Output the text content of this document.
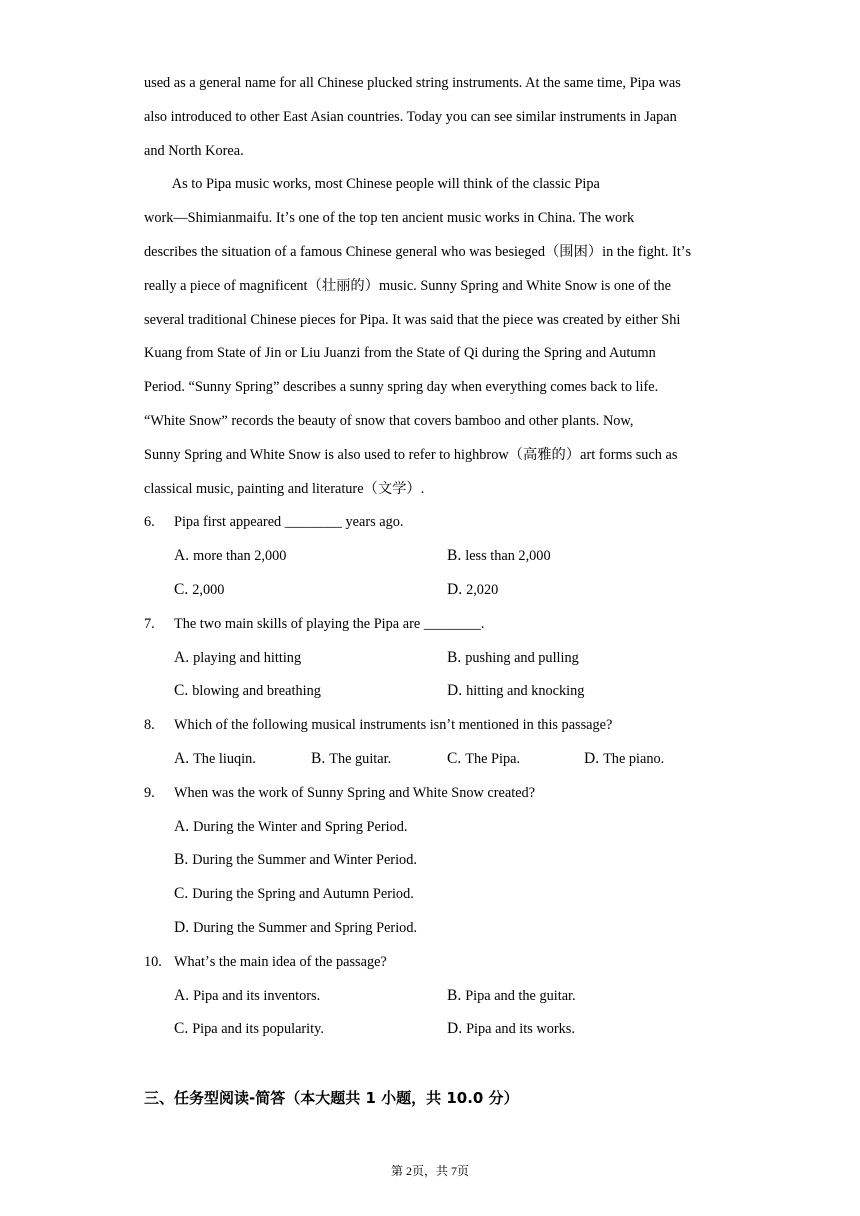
used as a general name for all Chinese plucked string instruments. At the same time, Pipa was
also introduced to other East Asian countries. Today you can see similar instruments in Japan
and North Korea.
As to Pipa music works, most Chinese people will think of the classic Pipa
work—Shimianmaifu. Itʼs one of the top ten ancient music works in China. The work
describes the situation of a famous Chinese general who was besieged（围困）in the fight. Itʼs
really a piece of magnificent（壮丽的）music. Sunny Spring and White Snow is one of the
several traditional Chinese pieces for Pipa. It was said that the piece was created by either Shi
Kuang from State of Jin or Liu Juanzi from the State of Qi during the Spring and Autumn
Period. “Sunny Spring” describes a sunny spring day when everything comes back to life.
“White Snow” records the beauty of snow that covers bamboo and other plants. Now,
Sunny Spring and White Snow is also used to refer to highbrow（高雅的）art forms such as
classical music, painting and literature（文学）.
6. Pipa first appeared ________ years ago.
A. more than 2,000	B. less than 2,000
C. 2,000	D. 2,020
7. The two main skills of playing the Pipa are ________.
A. playing and hitting	B. pushing and pulling
C. blowing and breathing	D. hitting and knocking
8. Which of the following musical instruments isnʼt mentioned in this passage?
A. The liuqin.	B. The guitar.	C. The Pipa.	D. The piano.
9. When was the work of Sunny Spring and White Snow created?
A. During the Winter and Spring Period.
B. During the Summer and Winter Period.
C. During the Spring and Autumn Period.
D. During the Summer and Spring Period.
10. Whatʼs the main idea of the passage?
A. Pipa and its inventors.	B. Pipa and the guitar.
C. Pipa and its popularity.	D. Pipa and its works.
三、任务型阅读-简答（本大题共 1 小题，共 10.0 分）
第 2页，共 7页
